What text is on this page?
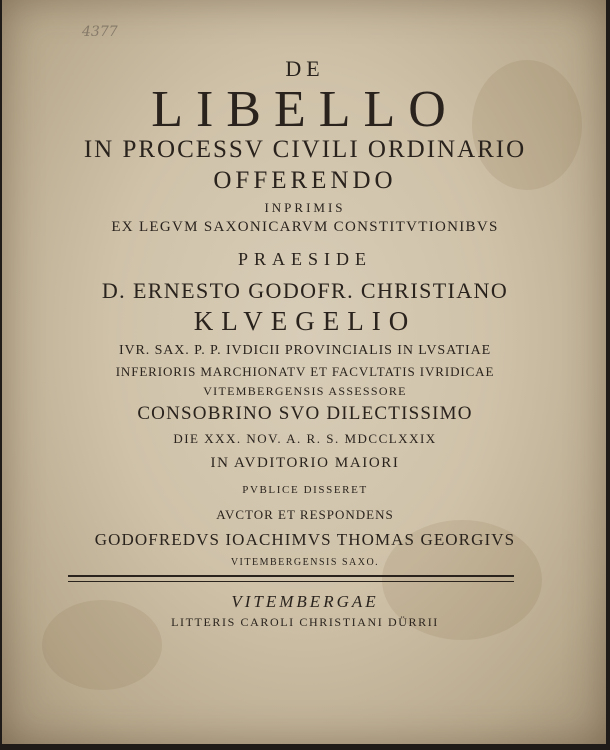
4377
DE
LIBELLO
IN PROCESSV CIVILI ORDINARIO
OFFERENDO
INPRIMIS
EX LEGVM SAXONICARVM CONSTITVTIONIBVS
PRAESIDE
D. ERNESTO GODOFR. CHRISTIANO
KLVEGELIO
IVR. SAX. P. P. IVDICII PROVINCIALIS IN LVSATIAE
INFERIORIS MARCHIONATV ET FACVLTATIS IVRIDICAE
VITEMBERGENSIS ASSESSORE
CONSOBRINO SVO DILECTISSIMO
DIE XXX. NOV. A. R. S. MDCCLXXIX
IN AVDITORIO MAIORI
PVBLICE DISSERET
AVCTOR ET RESPONDENS
GODOFREDVS IOACHIMVS THOMAS GEORGIVS
VITEMBERGENSIS SAXO.
VITEMBERGAE
LITTERIS CAROLI CHRISTIANI DÜRRII
